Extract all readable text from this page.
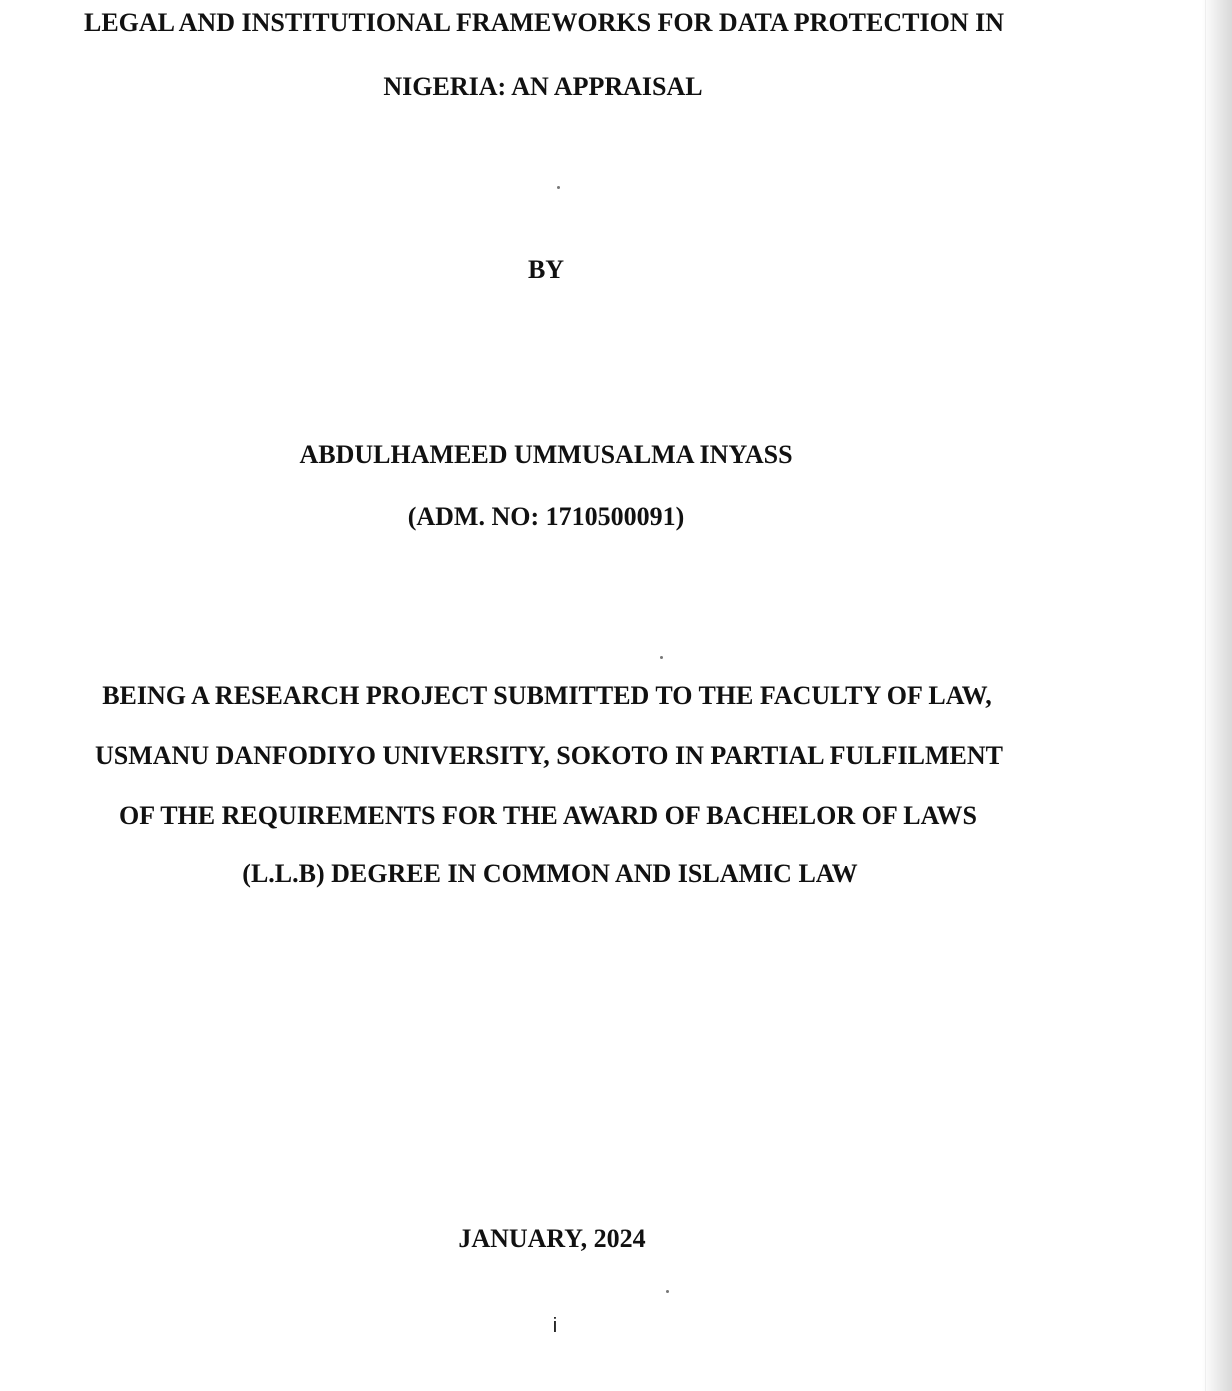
LEGAL AND INSTITUTIONAL FRAMEWORKS FOR DATA PROTECTION IN
NIGERIA: AN APPRAISAL
BY
ABDULHAMEED UMMUSALMA INYASS
(ADM. NO: 1710500091)
BEING A RESEARCH PROJECT SUBMITTED TO THE FACULTY OF LAW,
USMANU DANFODIYO UNIVERSITY, SOKOTO IN PARTIAL FULFILMENT
OF THE REQUIREMENTS FOR THE AWARD OF BACHELOR OF LAWS
(L.L.B) DEGREE IN COMMON AND ISLAMIC LAW
JANUARY, 2024
i
